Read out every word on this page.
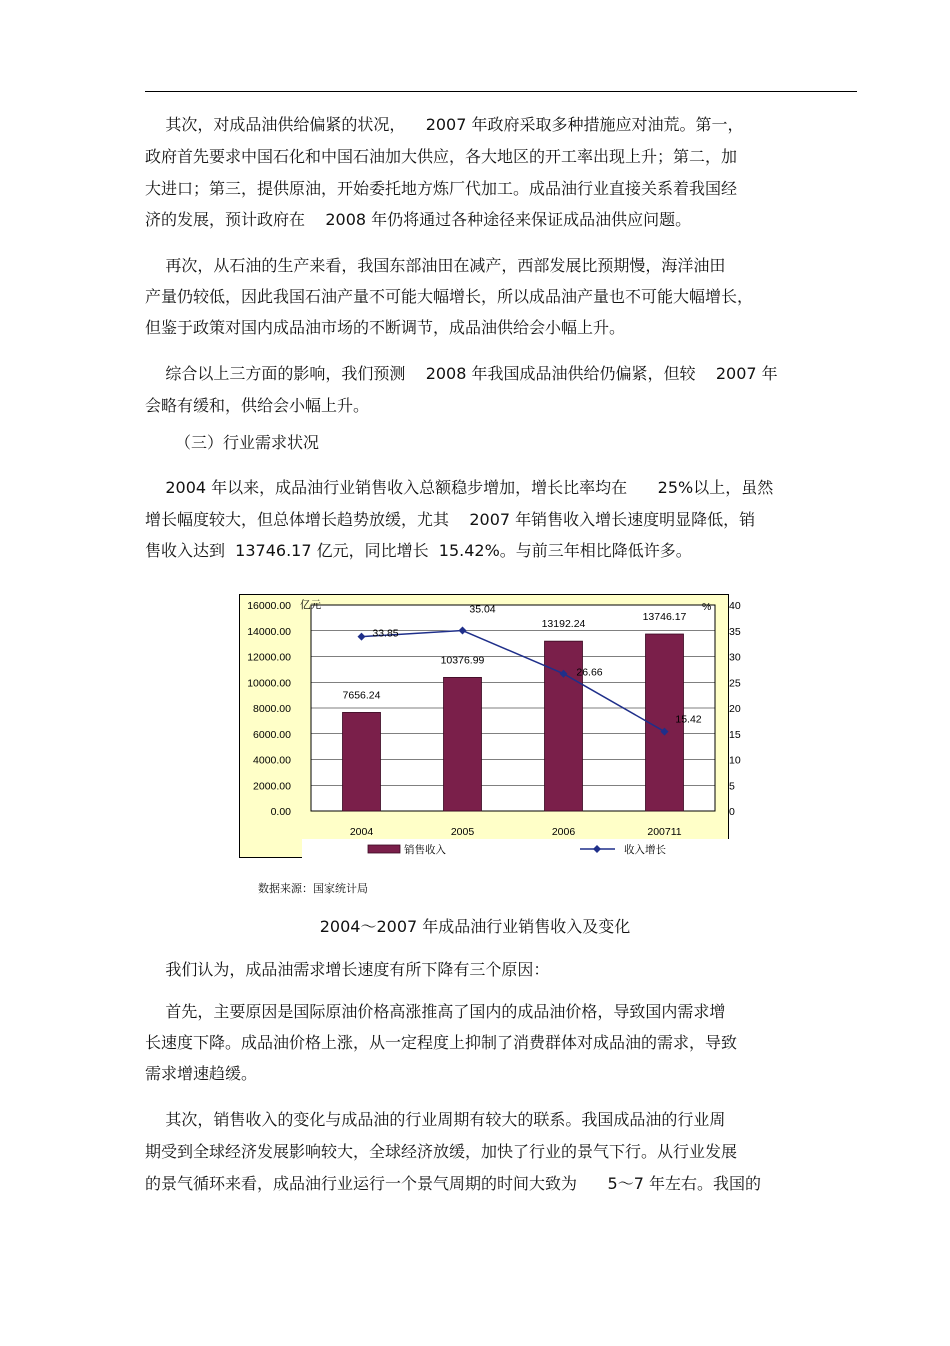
其次，对成品油供给偏紧的状况，    2007 年政府采取多种措施应对油荒。第一，
政府首先要求中国石化和中国石油加大供应，各大地区的开工率出现上升；第二，加
大进口；第三，提供原油，开始委托地方炼厂代加工。成品油行业直接关系着我国经
济的发展，预计政府在    2008 年仍将通过各种途径来保证成品油供应问题。
再次，从石油的生产来看，我国东部油田在减产，西部发展比预期慢，海洋油田
产量仍较低，因此我国石油产量不可能大幅增长，所以成品油产量也不可能大幅增长，
但鉴于政策对国内成品油市场的不断调节，成品油供给会小幅上升。
综合以上三方面的影响，我们预测    2008 年我国成品油供给仍偏紧，但较    2007 年
会略有缓和，供给会小幅上升。
（三）行业需求状况
2004 年以来，成品油行业销售收入总额稳步增加，增长比率均在      25%以上，虽然
增长幅度较大，但总体增长趋势放缓，尤其    2007 年销售收入增长速度明显降低，销
售收入达到  13746.17 亿元，同比增长  15.42%。与前三年相比降低许多。
0.00
2000.00
4000.00
6000.00
8000.00
10000.00
12000.00
14000.00
16000.00
0
5
10
15
20
25
30
35
40
亿元	%
7656.24
2004
10376.99
2005
13192.24
2006
13746.17
200711
33.85
35.04
26.66
15.42
销售收入	收入增长
数据来源：国家统计局
2004～2007 年成品油行业销售收入及变化
我们认为，成品油需求增长速度有所下降有三个原因：
首先，主要原因是国际原油价格高涨推高了国内的成品油价格，导致国内需求增
长速度下降。成品油价格上涨，从一定程度上抑制了消费群体对成品油的需求，导致
需求增速趋缓。
其次，销售收入的变化与成品油的行业周期有较大的联系。我国成品油的行业周
期受到全球经济发展影响较大，全球经济放缓，加快了行业的景气下行。从行业发展
的景气循环来看，成品油行业运行一个景气周期的时间大致为      5～7 年左右。我国的
